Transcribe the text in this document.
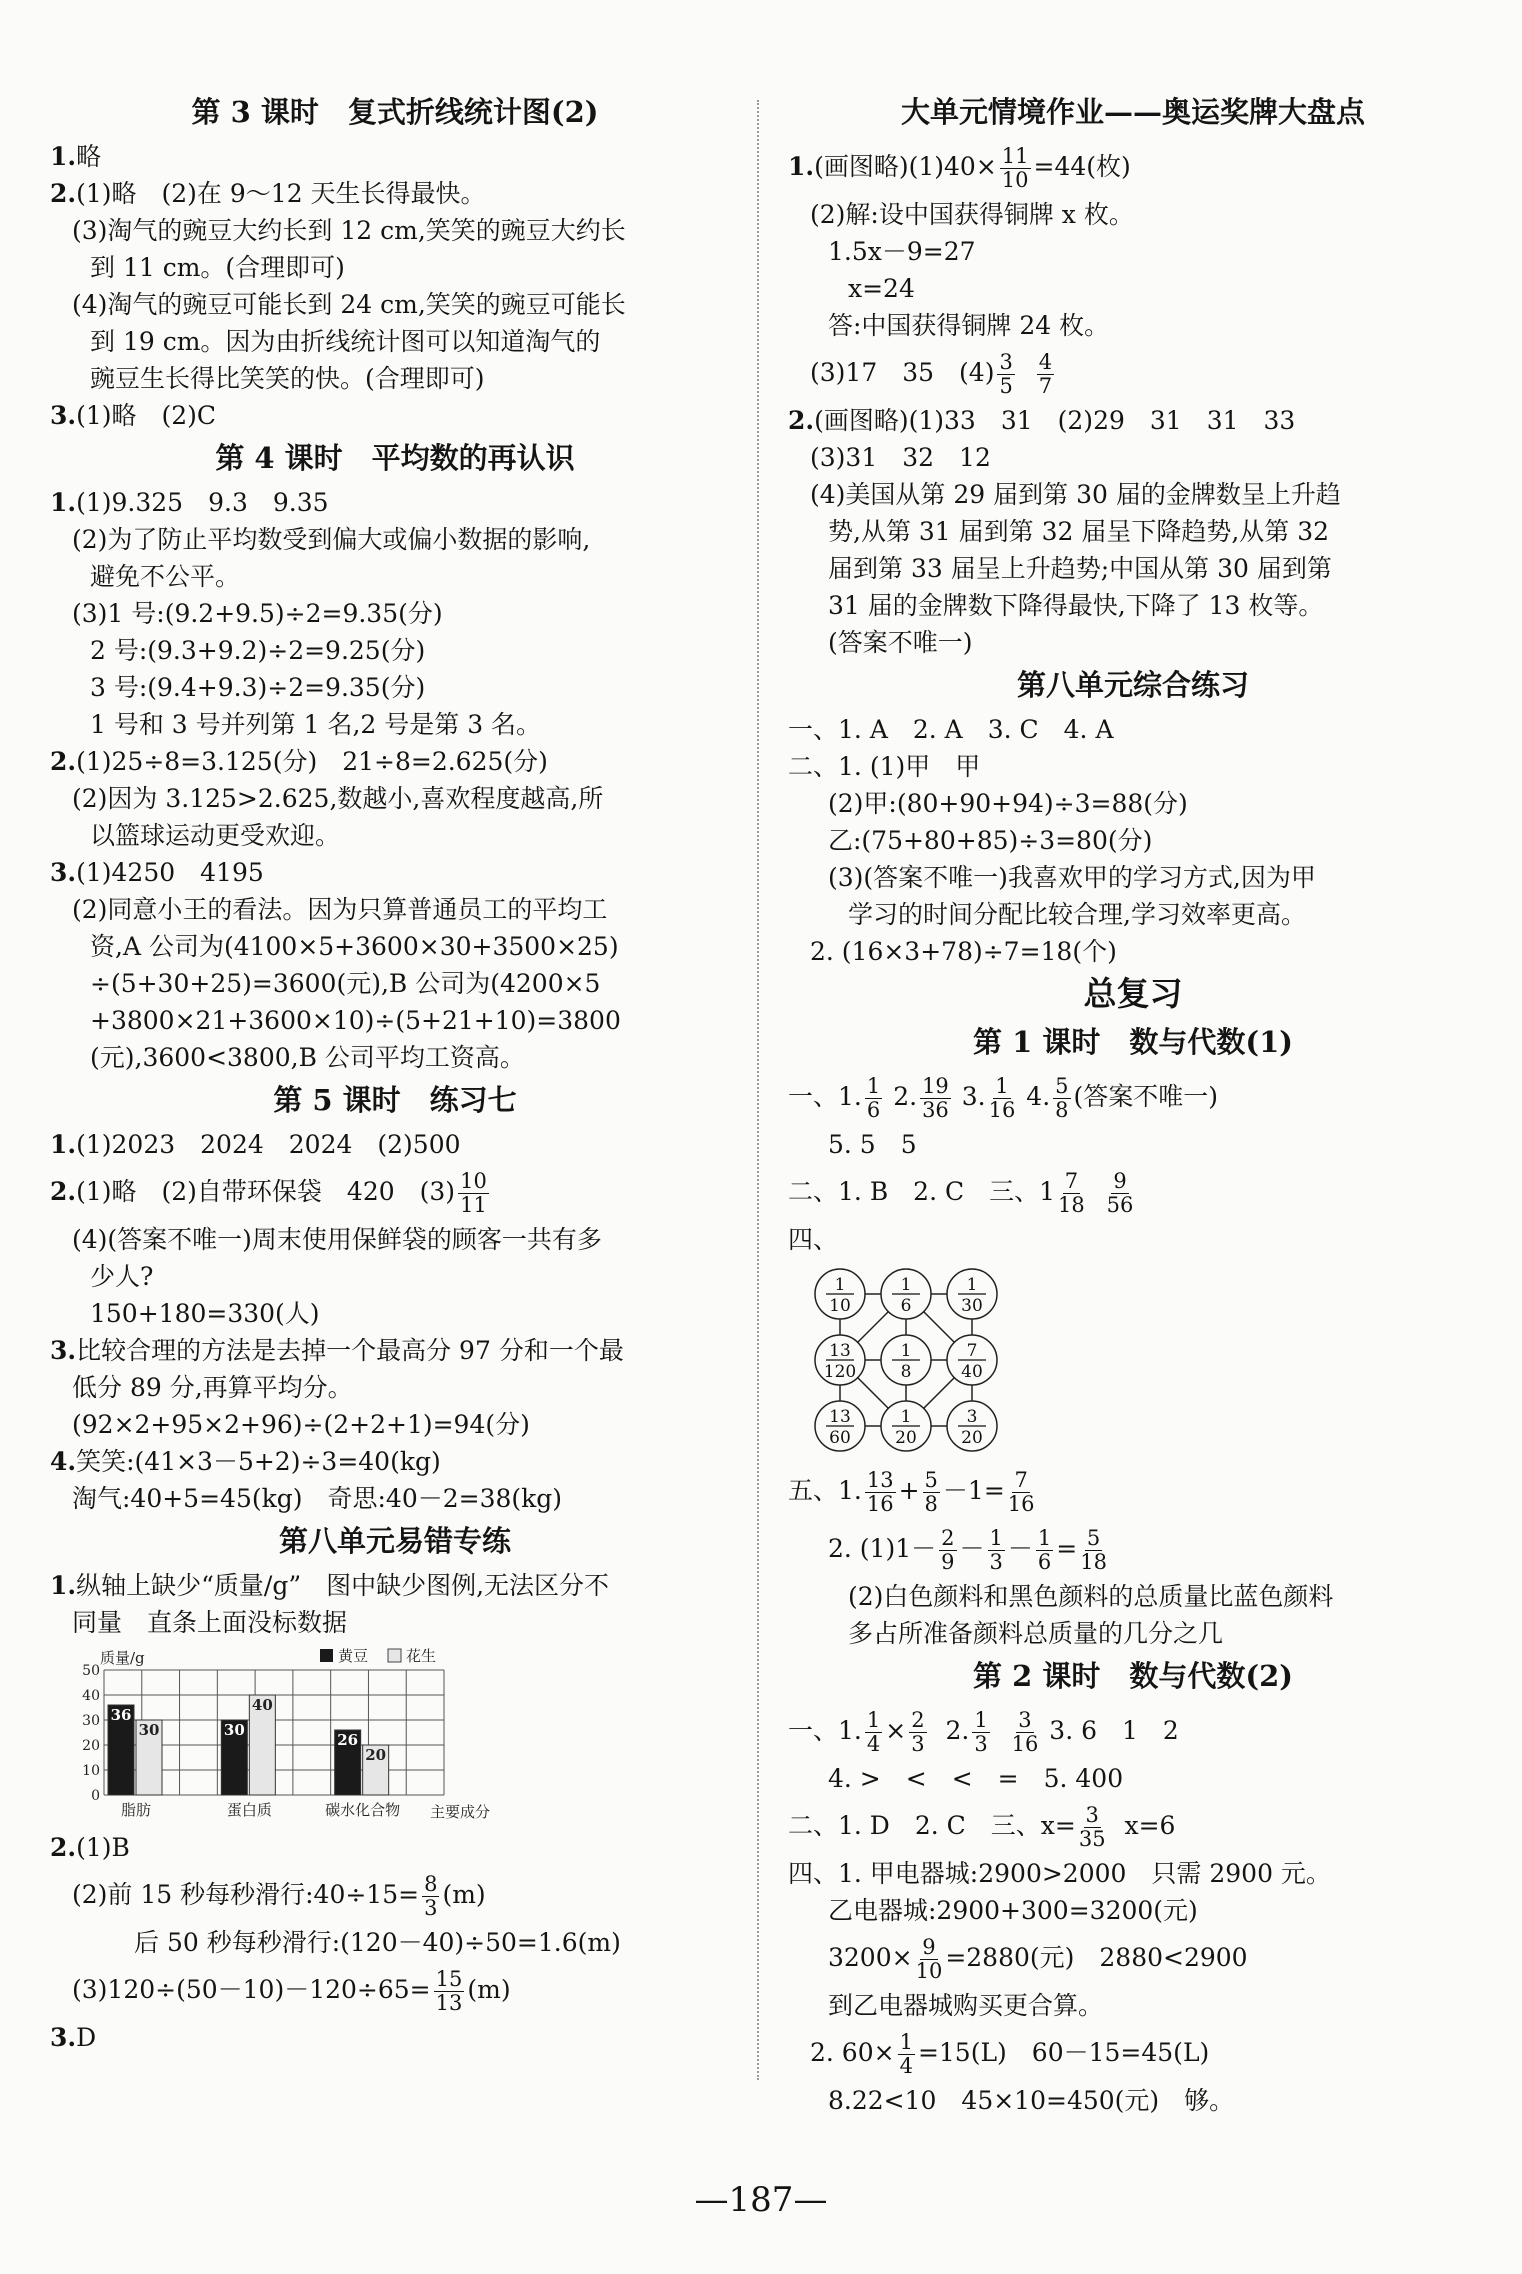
第 3 课时　复式折线统计图(2)
1.略
2.(1)略　(2)在 9～12 天生长得最快。
(3)淘气的豌豆大约长到 12 cm,笑笑的豌豆大约长
到 11 cm。(合理即可)
(4)淘气的豌豆可能长到 24 cm,笑笑的豌豆可能长
到 19 cm。因为由折线统计图可以知道淘气的
豌豆生长得比笑笑的快。(合理即可)
3.(1)略　(2)C
第 4 课时　平均数的再认识
1.(1)9.325　9.3　9.35
(2)为了防止平均数受到偏大或偏小数据的影响,
避免不公平。
(3)1 号:(9.2+9.5)÷2=9.35(分)
2 号:(9.3+9.2)÷2=9.25(分)
3 号:(9.4+9.3)÷2=9.35(分)
1 号和 3 号并列第 1 名,2 号是第 3 名。
2.(1)25÷8=3.125(分)　21÷8=2.625(分)
(2)因为 3.125>2.625,数越小,喜欢程度越高,所
以篮球运动更受欢迎。
3.(1)4250　4195
(2)同意小王的看法。因为只算普通员工的平均工
资,A 公司为(4100×5+3600×30+3500×25)
÷(5+30+25)=3600(元),B 公司为(4200×5
+3800×21+3600×10)÷(5+21+10)=3800
(元),3600<3800,B 公司平均工资高。
第 5 课时　练习七
1.(1)2023　2024　2024　(2)500
2.(1)略　(2)自带环保袋　420　$(3) \frac{10}{11}$
(4)(答案不唯一)周末使用保鲜袋的顾客一共有多
少人?
150+180=330(人)
3.比较合理的方法是去掉一个最高分 97 分和一个最
低分 89 分,再算平均分。
(92×2+95×2+96)÷(2+2+1)=94(分)
4.笑笑:(41×3－5+2)÷3=40(kg)
淘气:40+5=45(kg)　奇思:40－2=38(kg)
第八单元易错专练
1.纵轴上缺少“质量/g”　图中缺少图例,无法区分不
同量　直条上面没标数据
0
10
20
30
40
50
36
30
脂肪
30
40
蛋白质
26
20
碳水化合物
质量/g
主要成分
黄豆	花生
2.(1)B
(2)前 15 秒每秒滑行:40÷15= $\frac{8}{3} (m)$
后 50 秒每秒滑行:(120－40)÷50=1.6(m)
$(3)120\div(50-10)-120\div 65= \frac{15}{13} (m)$
3.D
大单元情境作业——奥运奖牌大盘点
1.(画图略)$(1)40\times \frac{11}{10} =44$(枚)
(2)解:设中国获得铜牌 x 枚。
1.5x－9=27
x=24
答:中国获得铜牌 24 枚。
(3)17　35　$(4) \frac{3}{5}$
$\frac{4}{7}$
2.(画图略)(1)33　31　(2)29　31　31　33
(3)31　32　12
(4)美国从第 29 届到第 30 届的金牌数呈上升趋
势,从第 31 届到第 32 届呈下降趋势,从第 32
届到第 33 届呈上升趋势;中国从第 30 届到第
31 届的金牌数下降得最快,下降了 13 枚等。
(答案不唯一)
第八单元综合练习
一、1. A　2. A　3. C　4. A
二、1. (1)甲　甲
(2)甲:(80+90+94)÷3=88(分)
乙:(75+80+85)÷3=80(分)
(3)(答案不唯一)我喜欢甲的学习方式,因为甲
学习的时间分配比较合理,学习效率更高。
2. (16×3+78)÷7=18(个)
总复习
第 1 课时　数与代数(1)
一、1. $\frac{1}{6} 2$. $\frac{19}{36} 3$. $\frac{1}{16} 4$. $\frac{5}{8}$ (答案不唯一)
5. 5　5
二、1. B　2. C　三、$1 \frac{7}{18}$
$\frac{9}{56}$
四、
1
10
1
6
1
30
13
120
1
8
7
40
13
60
1
20
3
20
五、1. $\frac{13}{16} + \frac{5}{8} -1= \frac{7}{16}$
2. $(1)1- \frac{2}{9} - \frac{1}{3} - \frac{1}{6} = \frac{5}{18}$
(2)白色颜料和黑色颜料的总质量比蓝色颜料
多占所准备颜料总质量的几分之几
第 2 课时　数与代数(2)
一、1. $\frac{1}{4} \times \frac{2}{3} 2$. $\frac{1}{3}$
$\frac{3}{16} 3$. 6　1　2
4. >　<　<　=　5. 400
二、1. D　2. C　三、$x= \frac{3}{35} x=6$
四、1. 甲电器城:2900>2000　只需 2900 元。
乙电器城:2900+300=3200(元)
$3200\times \frac{9}{10} =2880$(元)　2880<2900
到乙电器城购买更合算。
2. $60\times \frac{1}{4} =15(L)$　60－15=45(L)
8.22<10　45×10=450(元)　够。
—187—
